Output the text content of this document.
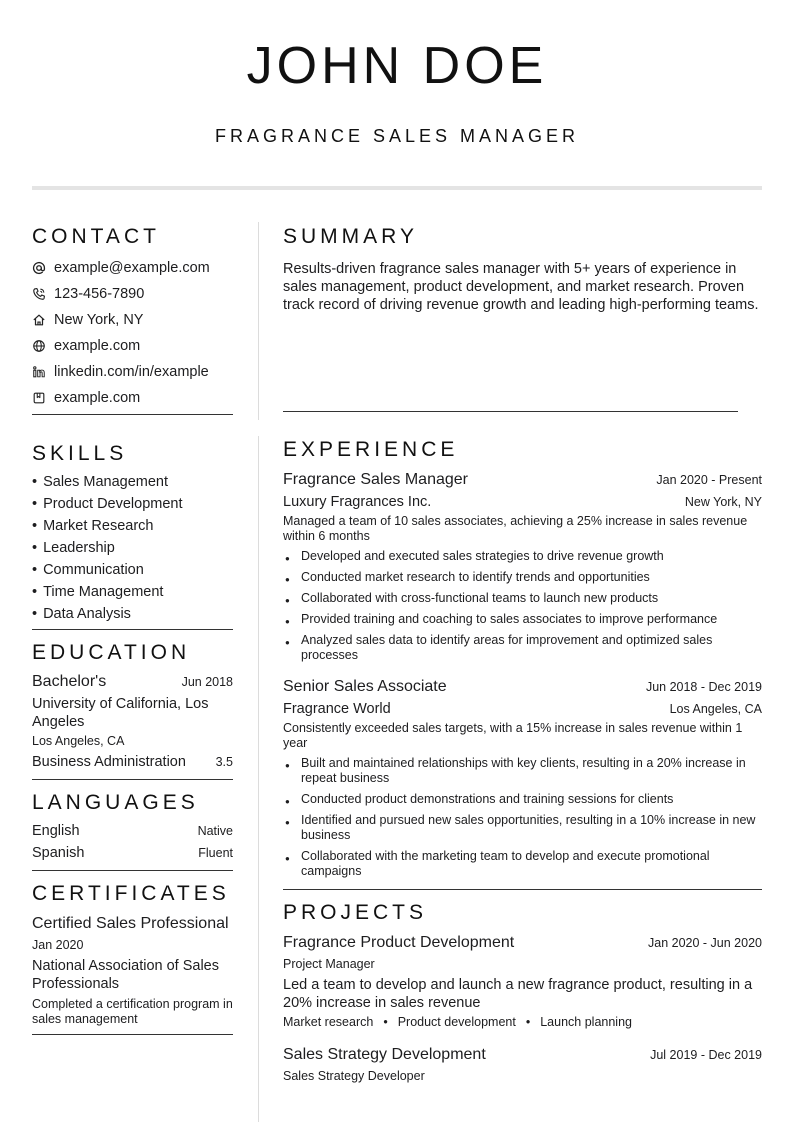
JOHN DOE
FRAGRANCE SALES MANAGER
CONTACT
example@example.com
123-456-7890
New York, NY
example.com
linkedin.com/in/example
example.com
SKILLS
• Sales Management
• Product Development
• Market Research
• Leadership
• Communication
• Time Management
• Data Analysis
EDUCATION
Bachelor's	Jun 2018
University of California, Los Angeles
Los Angeles, CA
Business Administration 3.5
LANGUAGES
English	Native
Spanish	Fluent
CERTIFICATES
Certified Sales Professional
Jan 2020
National Association of Sales Professionals
Completed a certification program in sales management
SUMMARY
Results-driven fragrance sales manager with 5+ years of experience in sales management, product development, and market research. Proven track record of driving revenue growth and leading high-performing teams.
EXPERIENCE
Fragrance Sales Manager	Jan 2020 - Present
Luxury Fragrances Inc.	New York, NY
Managed a team of 10 sales associates, achieving a 25% increase in sales revenue within 6 months
● Developed and executed sales strategies to drive revenue growth
● Conducted market research to identify trends and opportunities
● Collaborated with cross-functional teams to launch new products
● Provided training and coaching to sales associates to improve performance
● Analyzed sales data to identify areas for improvement and optimized sales processes
Senior Sales Associate	Jun 2018 - Dec 2019
Fragrance World	Los Angeles, CA
Consistently exceeded sales targets, with a 15% increase in sales revenue within 1 year
● Built and maintained relationships with key clients, resulting in a 20% increase in repeat business
● Conducted product demonstrations and training sessions for clients
● Identified and pursued new sales opportunities, resulting in a 10% increase in new business
● Collaborated with the marketing team to develop and execute promotional campaigns
PROJECTS
Fragrance Product Development	Jan 2020 - Jun 2020
Project Manager
Led a team to develop and launch a new fragrance product, resulting in a 20% increase in sales revenue
Market research • Product development • Launch planning
Sales Strategy Development	Jul 2019 - Dec 2019
Sales Strategy Developer
